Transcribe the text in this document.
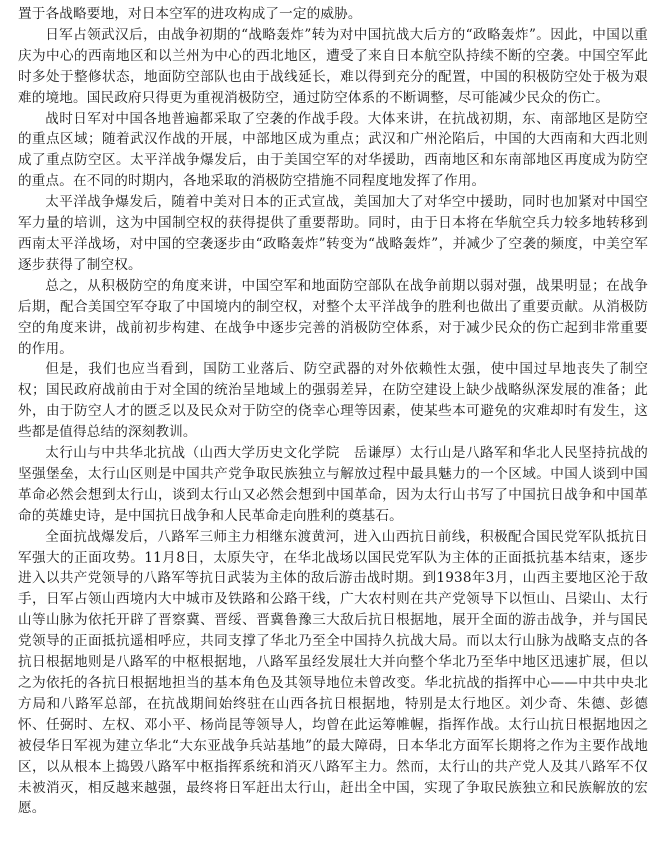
置于各战略要地，对日本空军的进攻构成了一定的威胁。

日军占领武汉后，由战争初期的“战略轰炸”转为对中国抗战大后方的“政略轰炸”。因此，中国以重庆为中心的西南地区和以兰州为中心的西北地区，遭受了来自日本航空队持续不断的空袭。中国空军此时多处于整修状态，地面防空部队也由于战线延长，难以得到充分的配置，中国的积极防空处于极为艰难的境地。国民政府只得更为重视消极防空，通过防空体系的不断调整，尽可能减少民众的伤亡。

战时日军对中国各地普遍都采取了空袭的作战手段。大体来讲，在抗战初期，东、南部地区是防空的重点区域；随着武汉作战的开展，中部地区成为重点；武汉和广州沦陷后，中国的大西南和大西北则成了重点防空区。太平洋战争爆发后，由于美国空军的对华援助，西南地区和东南部地区再度成为防空的重点。在不同的时期内，各地采取的消极防空措施不同程度地发挥了作用。

太平洋战争爆发后，随着中美对日本的正式宣战，美国加大了对华空中援助，同时也加紧对中国空军力量的培训，这为中国制空权的获得提供了重要帮助。同时，由于日本将在华航空兵力较多地转移到西南太平洋战场，对中国的空袭逐步由“政略轰炸”转变为“战略轰炸”，并减少了空袭的频度，中美空军逐步获得了制空权。

总之，从积极防空的角度来讲，中国空军和地面防空部队在战争前期以弱对强，战果明显；在战争后期，配合美国空军夺取了中国境内的制空权，对整个太平洋战争的胜利也做出了重要贡献。从消极防空的角度来讲，战前初步构建、在战争中逐步完善的消极防空体系，对于减少民众的伤亡起到非常重要的作用。

但是，我们也应当看到，国防工业落后、防空武器的对外依赖性太强，使中国过早地丧失了制空权；国民政府战前由于对全国的统治呈地域上的强弱差异，在防空建设上缺少战略纵深发展的准备；此外，由于防空人才的匮乏以及民众对于防空的侥幸心理等因素，使某些本可避免的灾难却时有发生，这些都是值得总结的深刻教训。

太行山与中共华北抗战（山西大学历史文化学院　岳谦厚）太行山是八路军和华北人民坚持抗战的坚强堡垒，太行山区则是中国共产党争取民族独立与解放过程中最具魅力的一个区域。中国人谈到中国革命必然会想到太行山，谈到太行山又必然会想到中国革命，因为太行山书写了中国抗日战争和中国革命的英雄史诗，是中国抗日战争和人民革命走向胜利的奠基石。

全面抗战爆发后，八路军三师主力相继东渡黄河，进入山西抗日前线，积极配合国民党军队抵抗日军强大的正面攻势。11月8日，太原失守，在华北战场以国民党军队为主体的正面抵抗基本结束，逐步进入以共产党领导的八路军等抗日武装为主体的敌后游击战时期。到1938年3月，山西主要地区沦于敌手，日军占领山西境内大中城市及铁路和公路干线，广大农村则在共产党领导下以恒山、吕梁山、太行山等山脉为依托开辟了晋察冀、晋绥、晋冀鲁豫三大敌后抗日根据地，展开全面的游击战争，并与国民党领导的正面抵抗遥相呼应，共同支撑了华北乃至全中国持久抗战大局。而以太行山脉为战略支点的各抗日根据地则是八路军的中枢根据地，八路军虽经发展壮大并向整个华北乃至华中地区迅速扩展，但以之为依托的各抗日根据地担当的基本角色及其领导地位未曾改变。华北抗战的指挥中心——中共中央北方局和八路军总部，在抗战期间始终驻在山西各抗日根据地，特别是太行地区。刘少奇、朱德、彭德怀、任弼时、左权、邓小平、杨尚昆等领导人，均曾在此运筹帷幄，指挥作战。太行山抗日根据地因之被侵华日军视为建立华北“大东亚战争兵站基地”的最大障碍，日本华北方面军长期将之作为主要作战地区，以从根本上捣毁八路军中枢指挥系统和消灭八路军主力。然而，太行山的共产党人及其八路军不仅未被消灭，相反越来越强，最终将日军赶出太行山，赶出全中国，实现了争取民族独立和民族解放的宏愿。
